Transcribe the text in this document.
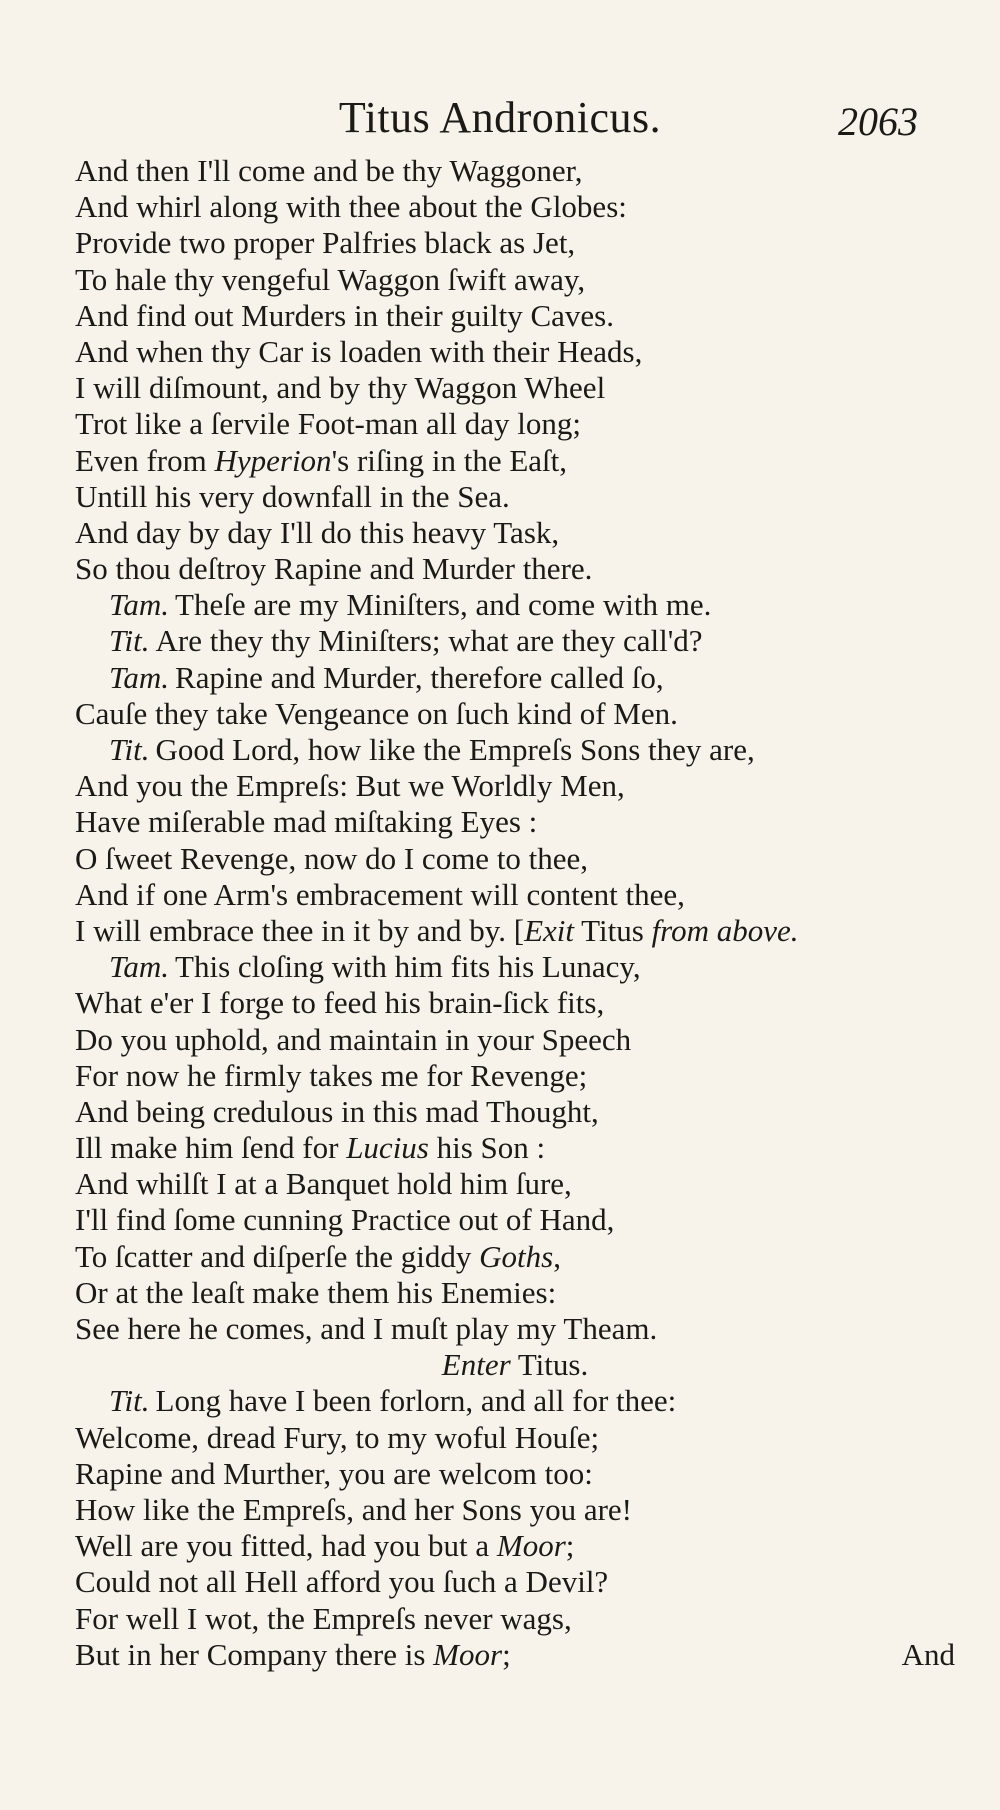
Titus Andronicus.	2063
And then I'll come and be thy Waggoner,
And whirl along with thee about the Globes:
Provide two proper Palfries black as Jet,
To hale thy vengeful Waggon ſwift away,
And find out Murders in their guilty Caves.
And when thy Car is loaden with their Heads,
I will diſmount, and by thy Waggon Wheel
Trot like a ſervile Foot-man all day long;
Even from Hyperion's riſing in the Eaſt,
Untill his very downfall in the Sea.
And day by day I'll do this heavy Task,
So thou deſtroy Rapine and Murder there.
Tam. Theſe are my Miniſters, and come with me.
Tit. Are they thy Miniſters; what are they call'd?
Tam. Rapine and Murder, therefore called ſo,
Cauſe they take Vengeance on ſuch kind of Men.
Tit. Good Lord, how like the Empreſs Sons they are,
And you the Empreſs: But we Worldly Men,
Have miſerable mad miſtaking Eyes :
O ſweet Revenge, now do I come to thee,
And if one Arm's embracement will content thee,
I will embrace thee in it by and by. [Exit Titus from above.
Tam. This cloſing with him fits his Lunacy,
What e'er I forge to feed his brain-ſick fits,
Do you uphold, and maintain in your Speech
For now he firmly takes me for Revenge;
And being credulous in this mad Thought,
Ill make him ſend for Lucius his Son :
And whilſt I at a Banquet hold him ſure,
I'll find ſome cunning Practice out of Hand,
To ſcatter and diſperſe the giddy Goths,
Or at the leaſt make them his Enemies:
See here he comes, and I muſt play my Theam.
Enter Titus.
Tit. Long have I been forlorn, and all for thee:
Welcome, dread Fury, to my woful Houſe;
Rapine and Murther, you are welcom too:
How like the Empreſs, and her Sons you are!
Well are you fitted, had you but a Moor;
Could not all Hell afford you ſuch a Devil?
For well I wot, the Empreſs never wags,
But in her Company there is Moor;	And
